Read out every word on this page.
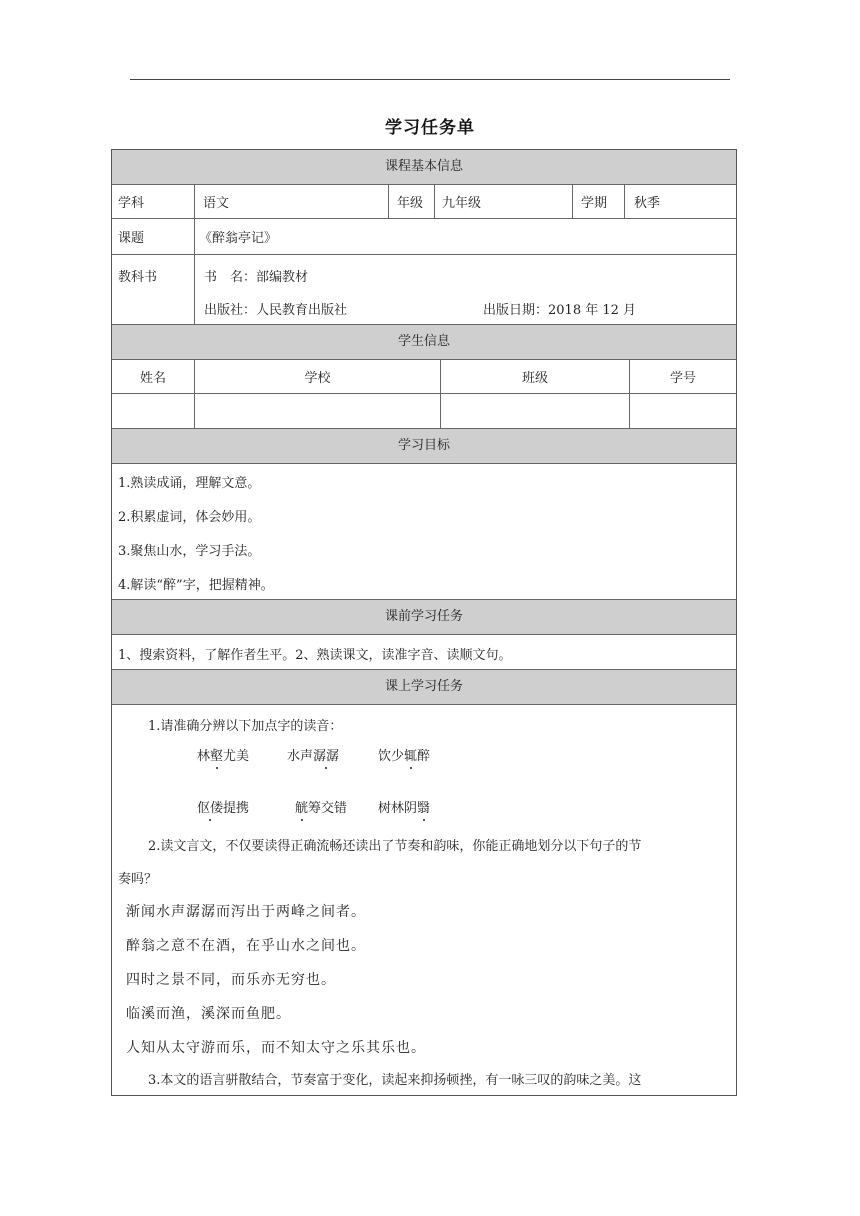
学习任务单
课程基本信息
学科	语文	年级	九年级	学期	秋季
课题	《醉翁亭记》
教科书	书　名：部编教材
出版社：人民教育出版社	出版日期：2018 年 12 月
学生信息
姓名	学校	班级	学号
学习目标
1.熟读成诵，理解文意。
2.积累虚词，体会妙用。
3.聚焦山水，学习手法。
4.解读“醉”字，把握精神。
课前学习任务
1、搜索资料，了解作者生平。2、熟读课文，读准字音、读顺文句。
课上学习任务
1.请准确分辨以下加点字的读音：
林壑尤美	水声潺潺	饮少辄醉
伛偻提携	觥筹交错 树林阴翳
2.读文言文，不仅要读得正确流畅还读出了节奏和韵味，你能正确地划分以下句子的节
奏吗？
渐闻水声潺潺而泻出于两峰之间者。
醉翁之意不在酒，在乎山水之间也。
四时之景不同，而乐亦无穷也。
临溪而渔，溪深而鱼肥。
人知从太守游而乐，而不知太守之乐其乐也。
3.本文的语言骈散结合，节奏富于变化，读起来抑扬顿挫，有一咏三叹的韵味之美。这
